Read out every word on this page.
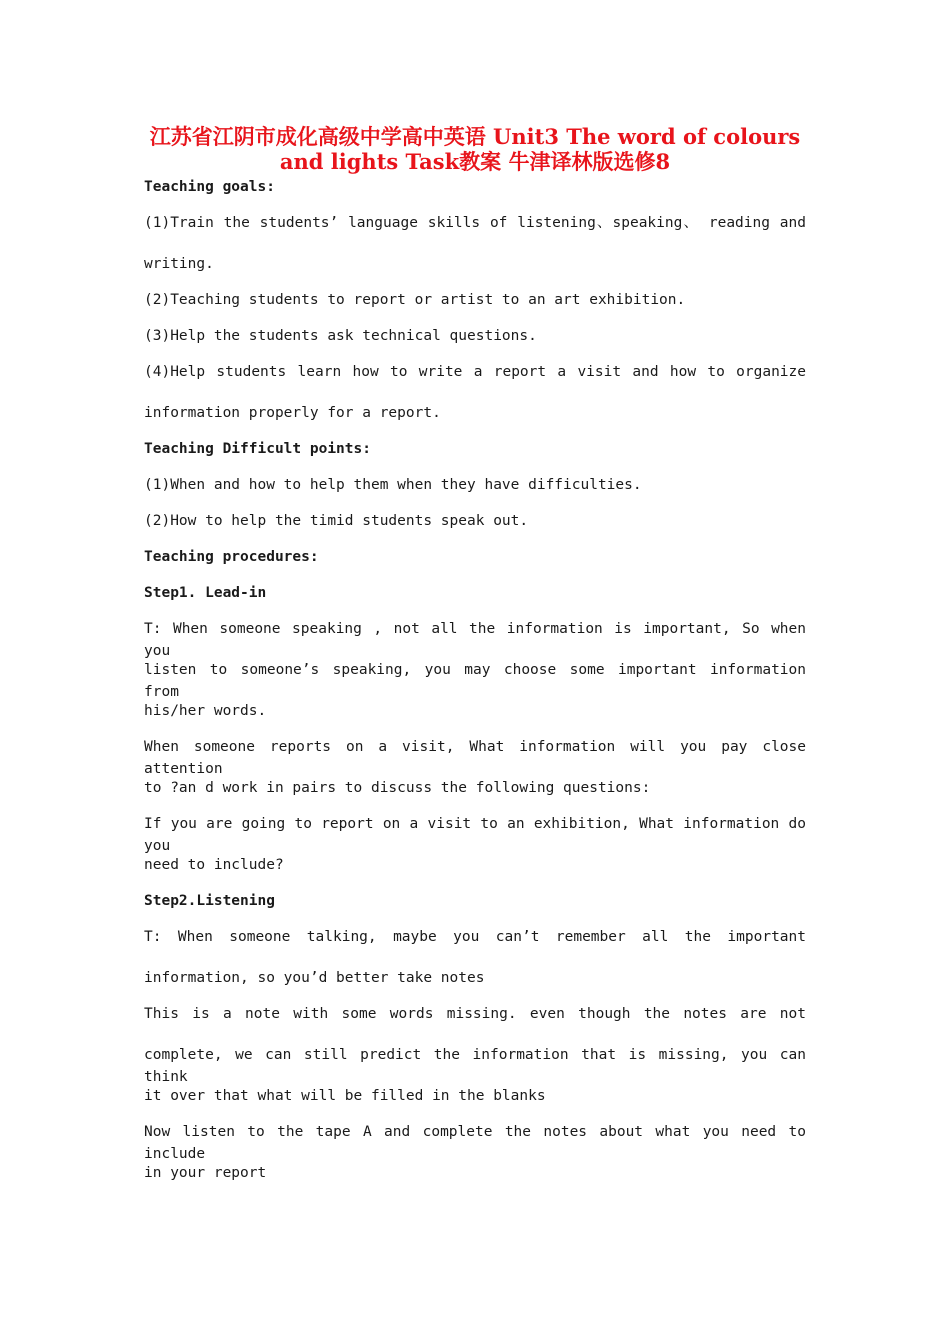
江苏省江阴市成化高级中学高中英语 Unit3 The word of colours
and lights Task教案 牛津译林版选修8
Teaching goals:
(1)Train the students’ language skills of listening、speaking、 reading and
writing.
(2)Teaching students to report or artist to an art exhibition.
(3)Help the students ask technical questions.
(4)Help students learn how to write a report a visit and how to organize
information properly for a report.
Teaching Difficult points:
(1)When and how to help them when they have difficulties.
(2)How to help the timid students speak out.
Teaching procedures:
Step1. Lead-in
T: When someone speaking , not all the information is important, So when you
listen to someone’s speaking, you may choose some important information from
his/her words.
When someone reports on a visit, What information will you pay close attention
to ?an d work in pairs to discuss the following questions:
If you are going to report on a visit to an exhibition, What information do you
need to include?
Step2.Listening
T: When someone talking, maybe you can’t remember all the important
information, so you’d better take notes
This is a note with some words missing. even though the notes are not
complete, we can still predict the information that is missing, you can think
it over that what will be filled in the blanks
Now listen to the tape A and complete the notes about what you need to include
in your report
